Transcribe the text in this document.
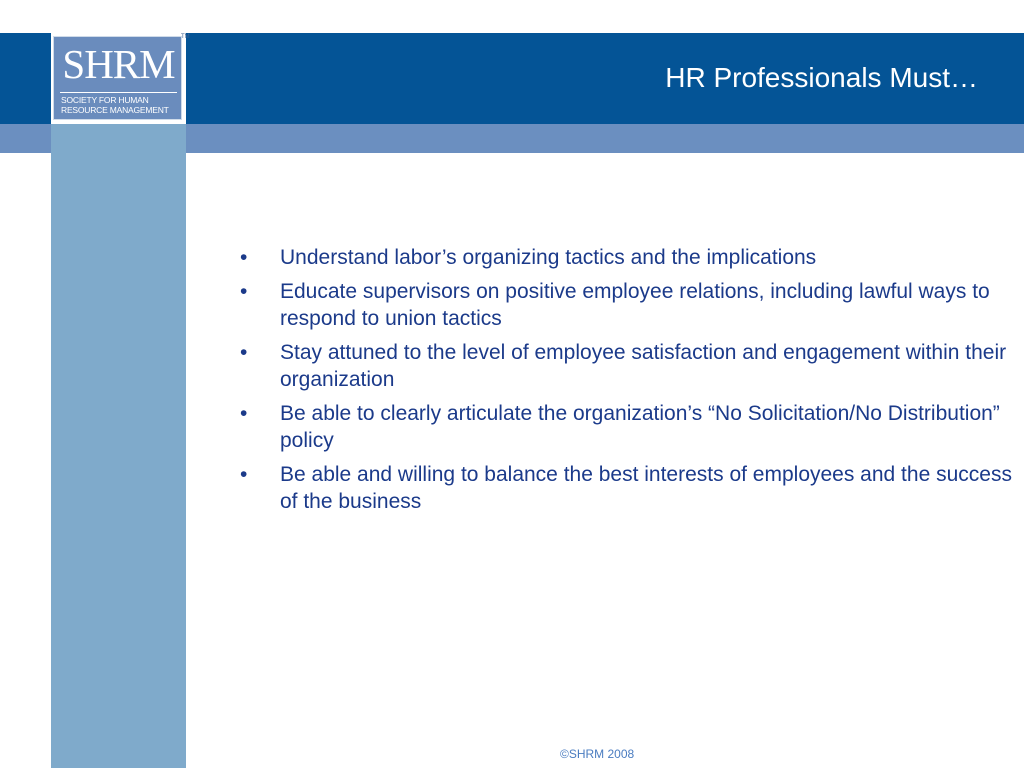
SHRM
SOCIETY FOR HUMAN
RESOURCE MANAGEMENT
TM
HR Professionals Must…
•	Understand labor’s organizing tactics and the implications
•	Educate supervisors on positive employee relations, including lawful ways to respond to union tactics
•	Stay attuned to the level of employee satisfaction and engagement within their organization
•	Be able to clearly articulate the organization’s “No Solicitation/No Distribution” policy
•	Be able and willing to balance the best interests of employees and the success of the business
©SHRM 2008
